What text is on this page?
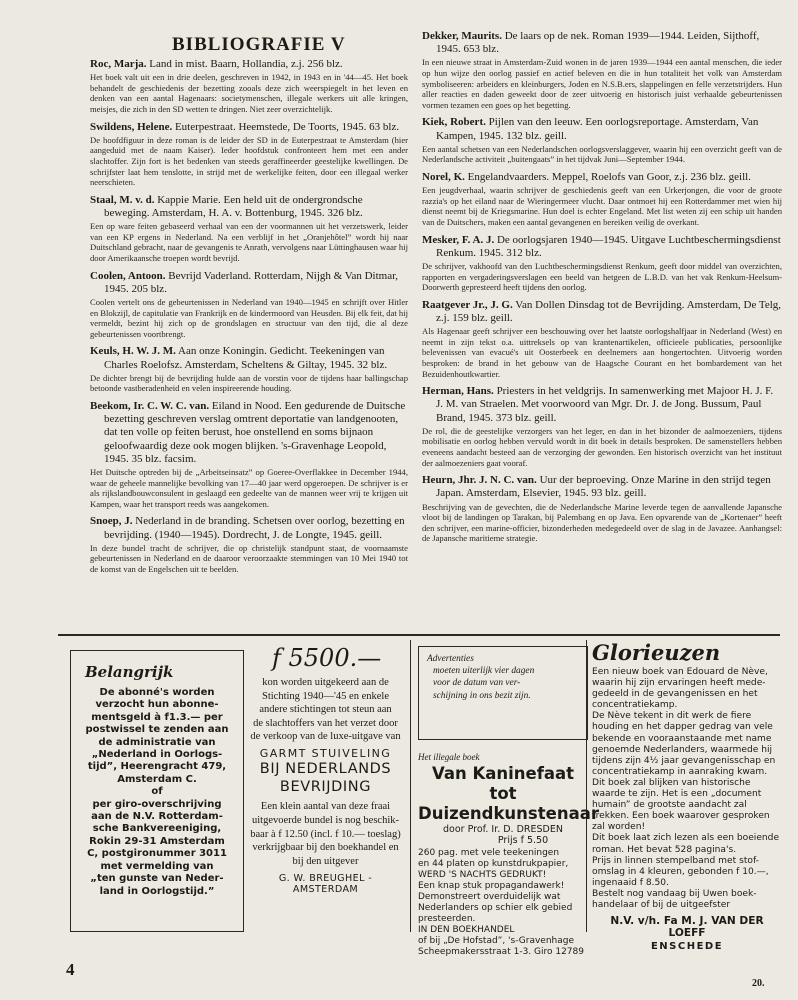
BIBLIOGRAFIE V
Roc, Marja. Land in mist. Baarn, Hollandia, z.j. 256 blz.
Het boek valt uit een in drie deelen, geschreven in 1942, in 1943 en in '44—45. Het boek behandelt de geschiedenis der bezetting zooals deze zich weerspiegelt in het leven en denken van een aantal Hagenaars: societymenschen, illegale werkers uit alle kringen, meisjes, die zich in den SD wetten te dringen. Niet zeer overzichtelijk.
Swildens, Helene. Euterpestraat. Heemstede, De Toorts, 1945. 63 blz.
De hoofdfiguur in deze roman is de leider der SD in de Euterpestraat te Amsterdam (hier aangeduid met de naam Kaiser). Ieder hoofdstuk confronteert hem met een ander slachtoffer. Zijn fort is het bedenken van steeds geraffineerder geestelijke kwellingen. De schrijfster laat hem tenslotte, in strijd met de werkelijke feiten, door een illegaal werker neerschieten.
Staal, M. v. d. Kappie Marie. Een held uit de ondergrondsche beweging. Amsterdam, H. A. v. Bottenburg, 1945. 326 blz.
Een op ware feiten gebaseerd verhaal van een der voormannen uit het verzetswerk, leider van een KP ergens in Nederland. Na een verblijf in het „Oranjehôtel” wordt hij naar Duitschland gebracht, naar de gevangenis te Anrath, vervolgens naar Lüttinghausen waar hij door Amerikaansche troepen wordt bevrijd.
Coolen, Antoon. Bevrijd Vaderland. Rotterdam, Nijgh & Van Ditmar, 1945. 205 blz.
Coolen vertelt ons de gebeurtenissen in Nederland van 1940—1945 en schrijft over Hitler en Blokzijl, de capitulatie van Frankrijk en de kindermoord van Heusden. Bij elk feit, dat hij vermeldt, bezint hij zich op de grondslagen en structuur van den tijd, die al deze gebeurtenissen voortbrengt.
Keuls, H. W. J. M. Aan onze Koningin. Gedicht. Teekeningen van Charles Roelofsz. Amsterdam, Scheltens & Giltay, 1945. 32 blz.
De dichter brengt bij de bevrijding hulde aan de vorstin voor de tijdens haar ballingschap betoonde vastberadenheid en velen inspireerende houding.
Beekom, Ir. C. W. C. van. Eiland in Nood. Een gedurende de Duitsche bezetting geschreven verslag omtrent deportatie van landgenooten, dat ten volle op feiten berust, hoe onstellend en soms bijnaon geloofwaardig deze ook mogen blijken. 's-Gravenhage Leopold, 1945. 35 blz. facsim.
Het Duitsche optreden bij de „Arbeitseinsatz” op Goeree-Overflakkee in December 1944, waar de geheele mannelijke bevolking van 17—40 jaar werd opgeroepen. De schrijver is er als rijkslandbouwconsulent in geslaagd een gedeelte van de mannen weer vrij te krijgen uit Kampen, waar het transport reeds was aangekomen.
Snoep, J. Nederland in de branding. Schetsen over oorlog, bezetting en bevrijding. (1940—1945). Dordrecht, J. de Longte, 1945. geill.
In deze bundel tracht de schrijver, die op christelijk standpunt staat, de voornaamste gebeurtenissen in Nederland en de daaroor veroorzaakte stemmingen van 10 Mei 1940 tot de komst van de Engelschen uit te beelden.
Dekker, Maurits. De laars op de nek. Roman 1939—1944. Leiden, Sijthoff, 1945. 653 blz.
In een nieuwe straat in Amsterdam-Zuid wonen in de jaren 1939—1944 een aantal menschen, die ieder op hun wijze den oorlog passief en actief beleven en die in hun totaliteit het volk van Amsterdam symboliseeren: arbeiders en kleinburgers, Joden en N.S.B.ers, slappelingen en felle verzetstrijders. Hun aller reacties en daden geweekt door de zeer uitvoerig en historisch juist verhaalde gebeurtenissen vormen tezamen een goes op het begetting.
Kiek, Robert. Pijlen van den leeuw. Een oorlogsreportage. Amsterdam, Van Kampen, 1945. 132 blz. geill.
Een aantal schetsen van een Nederlandschen oorlogsverslaggever, waarin hij een overzicht geeft van de Nederlandsche activiteit „buitengaats” in het tijdvak Juni—September 1944.
Norel, K. Engelandvaarders. Meppel, Roelofs van Goor, z.j. 236 blz. geill.
Een jeugdverhaal, waarin schrijver de geschiedenis geeft van een Urkerjongen, die voor de groote razzia's op het eiland naar de Wieringermeer vlucht. Daar ontmoet hij een Rotterdammer met wien hij dienst neemt bij de Kriegsmarine. Hun doel is echter Engeland. Met list weten zij een schip uit handen van de Duitschers, maken een aantal gevangenen en bereiken veilig de overkant.
Mesker, F. A. J. De oorlogsjaren 1940—1945. Uitgave Luchtbeschermingsdienst Renkum. 1945. 312 blz.
De schrijver, vakhoofd van den Luchtbeschermingsdienst Renkum, geeft door middel van overzichten, rapporten en vergaderingsverslagen een beeld van hetgeen de L.B.D. van het vak Renkum-Heelsum-Doorwerth gepresteerd heeft tijdens den oorlog.
Raatgever Jr., J. G. Van Dollen Dinsdag tot de Bevrijding. Amsterdam, De Telg, z.j. 159 blz. geill.
Als Hagenaar geeft schrijver een beschouwing over het laatste oorlogshalfjaar in Nederland (West) en neemt in zijn tekst o.a. uittreksels op van krantenartikelen, officieele publicaties, persoonlijke belevenissen van evacué's uit Oosterbeek en deelnemers aan hongertochten. Uitvoerig worden besproken: de brand in het gebouw van de Haagsche Courant en het bombardement van het Bezuidenhoutkwartier.
Herman, Hans. Priesters in het veldgrijs. In samenwerking met Majoor H. J. F. J. M. van Straelen. Met voorwoord van Mgr. Dr. J. de Jong. Bussum, Paul Brand, 1945. 373 blz. geill.
De rol, die de geestelijke verzorgers van het leger, en dan in het bizonder de aalmoezeniers, tijdens mobilisatie en oorlog hebben vervuld wordt in dit boek in details besproken. De samenstellers hebben eveneens aandacht besteed aan de verzorging der gewonden. Een historisch overzicht van het instituut der aalmoezeniers gaat vooraf.
Heurn, Jhr. J. N. C. van. Uur der beproeving. Onze Marine in den strijd tegen Japan. Amsterdam, Elsevier, 1945. 93 blz. geill.
Beschrijving van de gevechten, die de Nederlandsche Marine leverde tegen de aanvallende Japansche vloot bij de landingen op Tarakan, bij Palembang en op Java. Een opvarende van de „Kortenaer” heeft den schrijver, een marine-officier, bizonderheden medegedeeld over de slag in de Javazee. Aanhangsel: de Japansche maritieme strategie.
Belangrijk
De abonné's worden
verzocht hun abonne-
mentsgeld à f1.3.— per
postwissel te zenden aan
de administratie van
„Nederland in Oorlogs-
tijd”, Heerengracht 479,
Amsterdam C.
of
per giro-overschrijving
aan de N.V. Rotterdam-
sche Bankvereeniging,
Rokin 29-31 Amsterdam
C, postgironummer 3011
met vermelding van
„ten gunste van Neder-
land in Oorlogstijd.”
f 5500.—
kon worden uitgekeerd aan de
Stichting 1940—'45 en enkele
andere stichtingen tot steun aan
de slachtoffers van het verzet door
de verkoop van de luxe-uitgave van
GARMT STUIVELING
BIJ NEDERLANDS
BEVRIJDING
Een klein aantal van deze fraai
uitgevoerde bundel is nog beschik-
baar à f 12.50 (incl. f 10.— toeslag)
verkrijgbaar bij den boekhandel en
bij den uitgever
G. W. BREUGHEL - AMSTERDAM
Advertenties
moeten uiterlijk vier dagen
voor de datum van ver-
schijning in ons bezit zijn.
Het illegale boek
Van Kaninefaat tot
Duizendkunstenaar
door Prof. Ir. D. DRESDEN
Prijs f 5.50
260 pag. met vele teekeningen
en 44 platen op kunstdrukpapier,
WERD 'S NACHTS GEDRUKT!
Een knap stuk propagandawerk!
Demonstreert overduidelijk wat
Nederlanders op schier elk gebied
presteerden.
IN DEN BOEKHANDEL
of bij „De Hofstad”, 's-Gravenhage
Scheepmakersstraat 1-3. Giro 12789
Glorieuzen
Een nieuw boek van Edouard de Nève,
waarin hij zijn ervaringen heeft mede-
gedeeld in de gevangenissen en het
concentratiekamp.
De Nève tekent in dit werk de fiere
houding en het dapper gedrag van vele
bekende en vooraanstaande met name
genoemde Nederlanders, waarmede hij
tijdens zijn 4½ jaar gevangenisschap en
concentratiekamp in aanraking kwam.
Dit boek zal blijken van historische
waarde te zijn. Het is een „document
humain” de grootste aandacht zal
trekken. Een boek waarover gesproken
zal worden!
Dit boek laat zich lezen als een boeiende
roman. Het bevat 528 pagina's.
Prijs in linnen stempelband met stof-
omslag in 4 kleuren, gebonden f 10.—,
ingenaaid f 8.50.
Bestelt nog vandaag bij Uwen boek-
handelaar of bij de uitgeefster
N.V. v/h. Fa M. J. VAN DER LOEFF
ENSCHEDE
4
20.
